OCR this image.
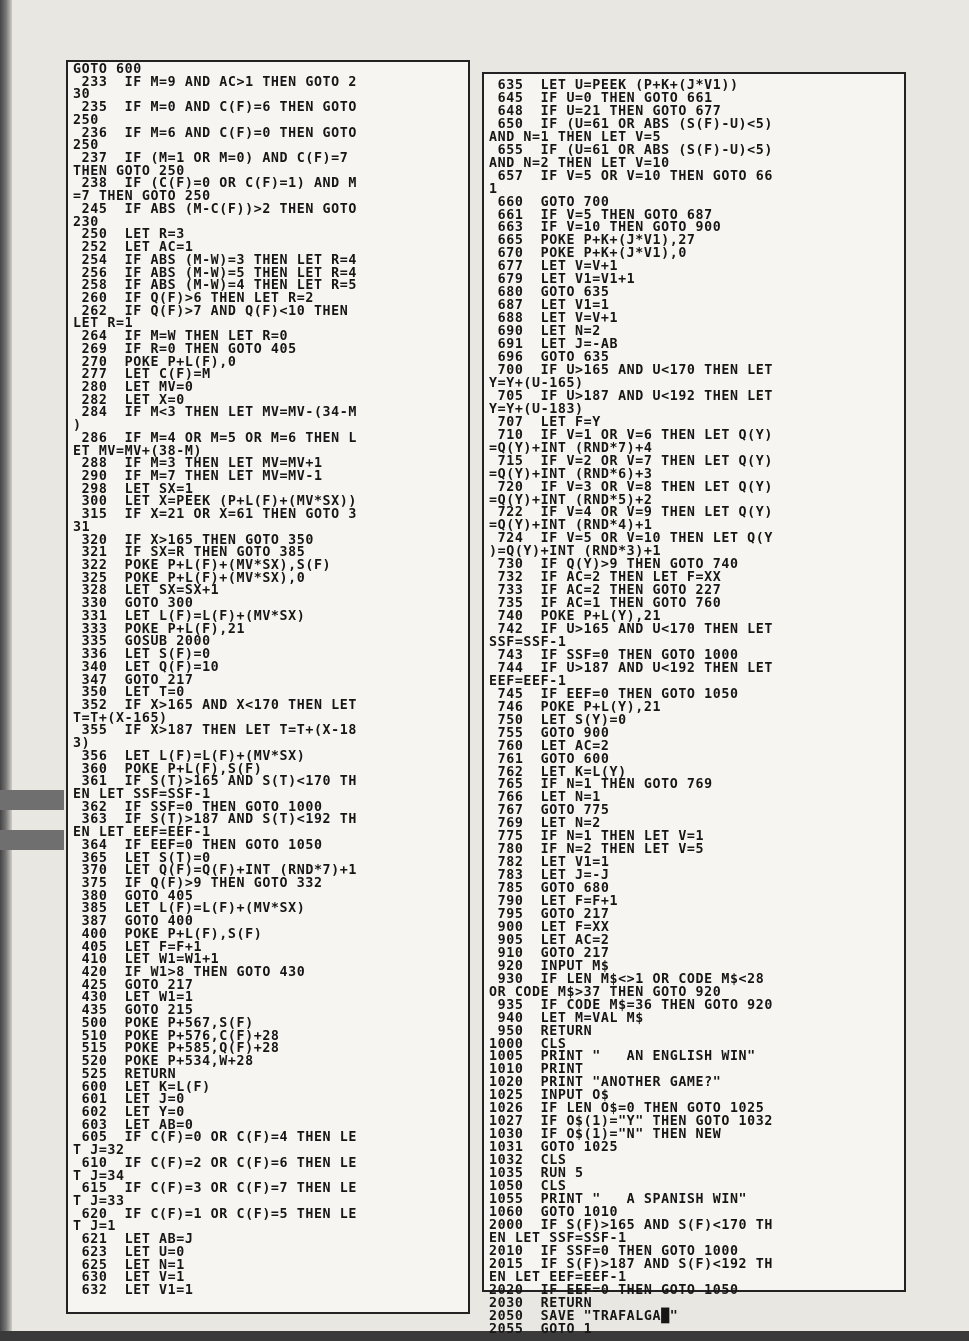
GOTO 600
233  IF M=9 AND AC>1 THEN GOTO 2
30
235  IF M=0 AND C(F)=6 THEN GOTO
250
236  IF M=6 AND C(F)=0 THEN GOTO
250
237  IF (M=1 OR M=0) AND C(F)=7
THEN GOTO 250
238  IF (C(F)=0 OR C(F)=1) AND M
=7 THEN GOTO 250
245  IF ABS (M-C(F))>2 THEN GOTO
230
250  LET R=3
252  LET AC=1
254  IF ABS (M-W)=3 THEN LET R=4
256  IF ABS (M-W)=5 THEN LET R=4
258  IF ABS (M-W)=4 THEN LET R=5
260  IF Q(F)>6 THEN LET R=2
262  IF Q(F)>7 AND Q(F)<10 THEN
LET R=1
264  IF M=W THEN LET R=0
269  IF R=0 THEN GOTO 405
270  POKE P+L(F),0
277  LET C(F)=M
280  LET MV=0
282  LET X=0
284  IF M<3 THEN LET MV=MV-(34-M
)
286  IF M=4 OR M=5 OR M=6 THEN L
ET MV=MV+(38-M)
288  IF M=3 THEN LET MV=MV+1
290  IF M=7 THEN LET MV=MV-1
298  LET SX=1
300  LET X=PEEK (P+L(F)+(MV*SX))
315  IF X=21 OR X=61 THEN GOTO 3
31
320  IF X>165 THEN GOTO 350
321  IF SX=R THEN GOTO 385
322  POKE P+L(F)+(MV*SX),S(F)
325  POKE P+L(F)+(MV*SX),0
328  LET SX=SX+1
330  GOTO 300
331  LET L(F)=L(F)+(MV*SX)
333  POKE P+L(F),21
335  GOSUB 2000
336  LET S(F)=0
340  LET Q(F)=10
347  GOTO 217
350  LET T=0
352  IF X>165 AND X<170 THEN LET
T=T+(X-165)
355  IF X>187 THEN LET T=T+(X-18
3)
356  LET L(F)=L(F)+(MV*SX)
360  POKE P+L(F),S(F)
361  IF S(T)>165 AND S(T)<170 TH
EN LET SSF=SSF-1
362  IF SSF=0 THEN GOTO 1000
363  IF S(T)>187 AND S(T)<192 TH
EN LET EEF=EEF-1
364  IF EEF=0 THEN GOTO 1050
365  LET S(T)=0
370  LET Q(F)=Q(F)+INT (RND*7)+1
375  IF Q(F)>9 THEN GOTO 332
380  GOTO 405
385  LET L(F)=L(F)+(MV*SX)
387  GOTO 400
400  POKE P+L(F),S(F)
405  LET F=F+1
410  LET W1=W1+1
420  IF W1>8 THEN GOTO 430
425  GOTO 217
430  LET W1=1
435  GOTO 215
500  POKE P+567,S(F)
510  POKE P+576,C(F)+28
515  POKE P+585,Q(F)+28
520  POKE P+534,W+28
525  RETURN
600  LET K=L(F)
601  LET J=0
602  LET Y=0
603  LET AB=0
605  IF C(F)=0 OR C(F)=4 THEN LE
T J=32
610  IF C(F)=2 OR C(F)=6 THEN LE
T J=34
615  IF C(F)=3 OR C(F)=7 THEN LE
T J=33
620  IF C(F)=1 OR C(F)=5 THEN LE
T J=1
621  LET AB=J
623  LET U=0
625  LET N=1
630  LET V=1
632  LET V1=1
635  LET U=PEEK (P+K+(J*V1))
645  IF U=0 THEN GOTO 661
648  IF U=21 THEN GOTO 677
650  IF (U=61 OR ABS (S(F)-U)<5)
AND N=1 THEN LET V=5
655  IF (U=61 OR ABS (S(F)-U)<5)
AND N=2 THEN LET V=10
657  IF V=5 OR V=10 THEN GOTO 66
1
660  GOTO 700
661  IF V=5 THEN GOTO 687
663  IF V=10 THEN GOTO 900
665  POKE P+K+(J*V1),27
670  POKE P+K+(J*V1),0
677  LET V=V+1
679  LET V1=V1+1
680  GOTO 635
687  LET V1=1
688  LET V=V+1
690  LET N=2
691  LET J=-AB
696  GOTO 635
700  IF U>165 AND U<170 THEN LET
Y=Y+(U-165)
705  IF U>187 AND U<192 THEN LET
Y=Y+(U-183)
707  LET F=Y
710  IF V=1 OR V=6 THEN LET Q(Y)
=Q(Y)+INT (RND*7)+4
715  IF V=2 OR V=7 THEN LET Q(Y)
=Q(Y)+INT (RND*6)+3
720  IF V=3 OR V=8 THEN LET Q(Y)
=Q(Y)+INT (RND*5)+2
722  IF V=4 OR V=9 THEN LET Q(Y)
=Q(Y)+INT (RND*4)+1
724  IF V=5 OR V=10 THEN LET Q(Y
)=Q(Y)+INT (RND*3)+1
730  IF Q(Y)>9 THEN GOTO 740
732  IF AC=2 THEN LET F=XX
733  IF AC=2 THEN GOTO 227
735  IF AC=1 THEN GOTO 760
740  POKE P+L(Y),21
742  IF U>165 AND U<170 THEN LET
SSF=SSF-1
743  IF SSF=0 THEN GOTO 1000
744  IF U>187 AND U<192 THEN LET
EEF=EEF-1
745  IF EEF=0 THEN GOTO 1050
746  POKE P+L(Y),21
750  LET S(Y)=0
755  GOTO 900
760  LET AC=2
761  GOTO 600
762  LET K=L(Y)
765  IF N=1 THEN GOTO 769
766  LET N=1
767  GOTO 775
769  LET N=2
775  IF N=1 THEN LET V=1
780  IF N=2 THEN LET V=5
782  LET V1=1
783  LET J=-J
785  GOTO 680
790  LET F=F+1
795  GOTO 217
900  LET F=XX
905  LET AC=2
910  GOTO 217
920  INPUT M$
930  IF LEN M$<>1 OR CODE M$<28
OR CODE M$>37 THEN GOTO 920
935  IF CODE M$=36 THEN GOTO 920
940  LET M=VAL M$
950  RETURN
1000  CLS
1005  PRINT "   AN ENGLISH WIN"
1010  PRINT
1020  PRINT "ANOTHER GAME?"
1025  INPUT O$
1026  IF LEN O$=0 THEN GOTO 1025
1027  IF O$(1)="Y" THEN GOTO 1032
1030  IF O$(1)="N" THEN NEW
1031  GOTO 1025
1032  CLS
1035  RUN 5
1050  CLS
1055  PRINT "   A SPANISH WIN"
1060  GOTO 1010
2000  IF S(F)>165 AND S(F)<170 TH
EN LET SSF=SSF-1
2010  IF SSF=0 THEN GOTO 1000
2015  IF S(F)>187 AND S(F)<192 TH
EN LET EEF=EEF-1
2020  IF EEF=0 THEN GOTO 1050
2030  RETURN
2050  SAVE "TRAFALGA█"
2055  GOTO 1
